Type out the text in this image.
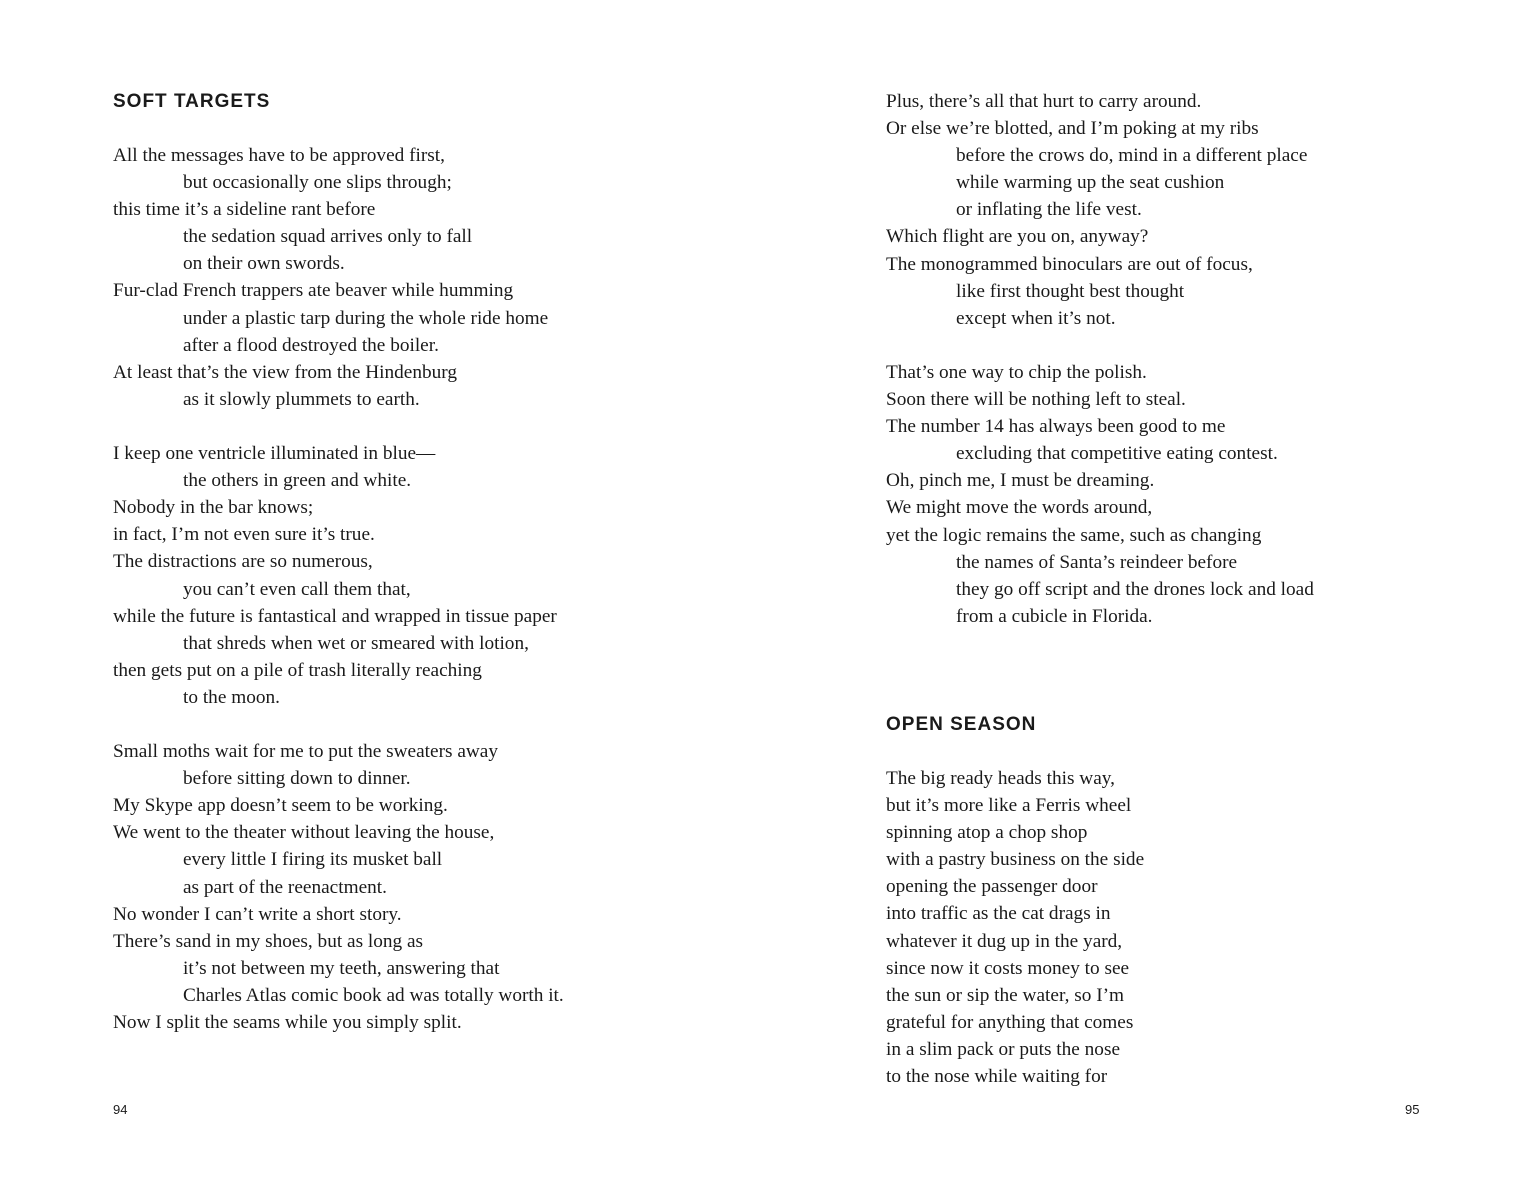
SOFT TARGETS
All the messages have to be approved first,
but occasionally one slips through;
this time it’s a sideline rant before
the sedation squad arrives only to fall
on their own swords.
Fur-clad French trappers ate beaver while humming
under a plastic tarp during the whole ride home
after a flood destroyed the boiler.
At least that’s the view from the Hindenburg
as it slowly plummets to earth.
I keep one ventricle illuminated in blue—
the others in green and white.
Nobody in the bar knows;
in fact, I’m not even sure it’s true.
The distractions are so numerous,
you can’t even call them that,
while the future is fantastical and wrapped in tissue paper
that shreds when wet or smeared with lotion,
then gets put on a pile of trash literally reaching
to the moon.
Small moths wait for me to put the sweaters away
before sitting down to dinner.
My Skype app doesn’t seem to be working.
We went to the theater without leaving the house,
every little I firing its musket ball
as part of the reenactment.
No wonder I can’t write a short story.
There’s sand in my shoes, but as long as
it’s not between my teeth, answering that
Charles Atlas comic book ad was totally worth it.
Now I split the seams while you simply split.
94
Plus, there’s all that hurt to carry around.
Or else we’re blotted, and I’m poking at my ribs
before the crows do, mind in a different place
while warming up the seat cushion
or inflating the life vest.
Which flight are you on, anyway?
The monogrammed binoculars are out of focus,
like first thought best thought
except when it’s not.
That’s one way to chip the polish.
Soon there will be nothing left to steal.
The number 14 has always been good to me
excluding that competitive eating contest.
Oh, pinch me, I must be dreaming.
We might move the words around,
yet the logic remains the same, such as changing
the names of Santa’s reindeer before
they go off script and the drones lock and load
from a cubicle in Florida.
OPEN SEASON
The big ready heads this way,
but it’s more like a Ferris wheel
spinning atop a chop shop
with a pastry business on the side
opening the passenger door
into traffic as the cat drags in
whatever it dug up in the yard,
since now it costs money to see
the sun or sip the water, so I’m
grateful for anything that comes
in a slim pack or puts the nose
to the nose while waiting for
95
